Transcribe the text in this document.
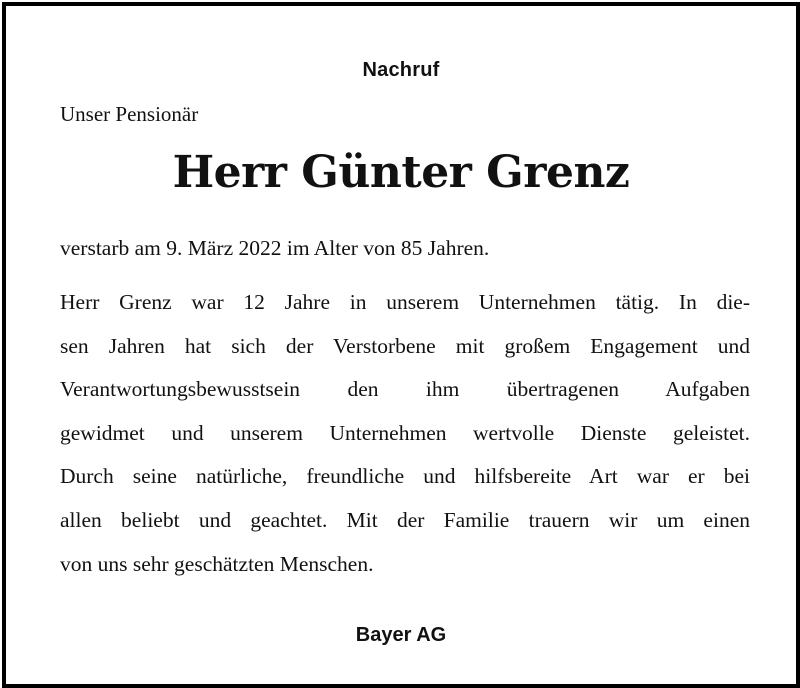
Nachruf
Unser Pensionär
Herr Günter Grenz
verstarb am 9. März 2022 im Alter von 85 Jahren.
Herr Grenz war 12 Jahre in unserem Unternehmen tätig. In die-
sen Jahren hat sich der Verstorbene mit großem Engagement und
Verantwortungsbewusstsein den ihm übertragenen Aufgaben
gewidmet und unserem Unternehmen wertvolle Dienste geleistet.
Durch seine natürliche, freundliche und hilfsbereite Art war er bei
allen beliebt und geachtet. Mit der Familie trauern wir um einen
von uns sehr geschätzten Menschen.
Bayer AG
